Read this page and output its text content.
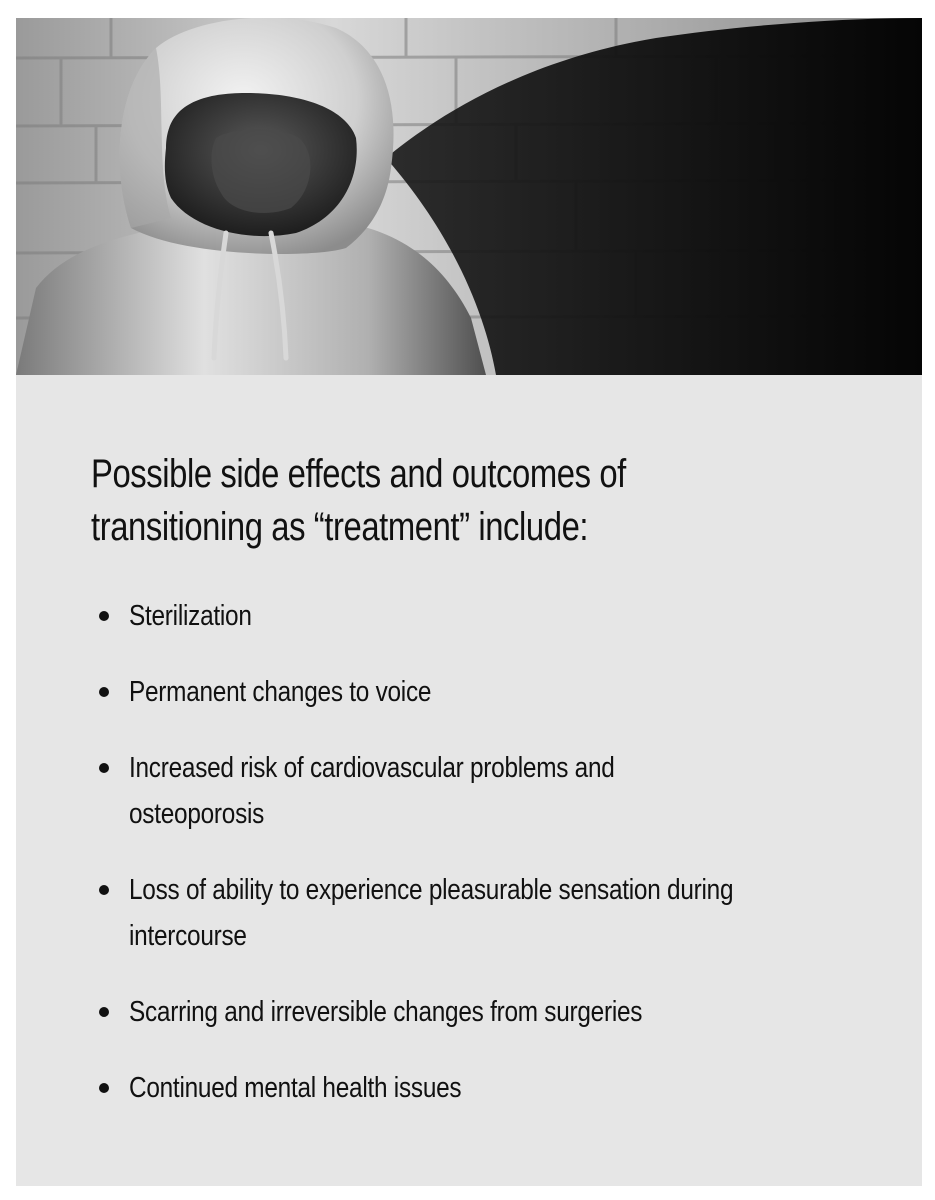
Possible side effects and outcomes of
transitioning as “treatment” include:
Sterilization
Permanent changes to voice
Increased risk of cardiovascular problems and
osteoporosis
Loss of ability to experience pleasurable sensation during
intercourse
Scarring and irreversible changes from surgeries
Continued mental health issues
